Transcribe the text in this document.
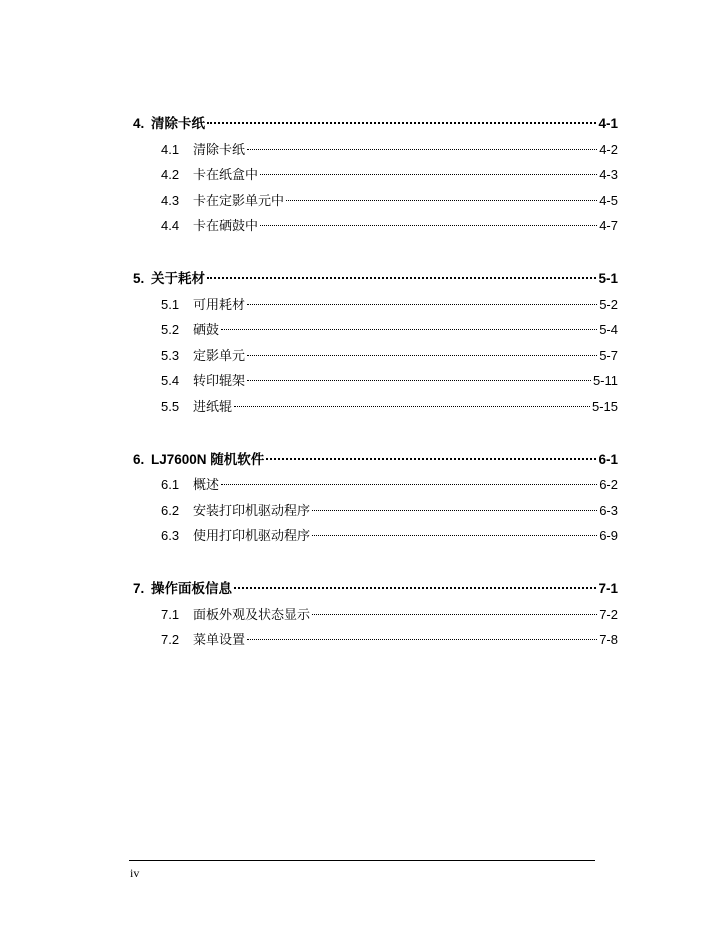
4. 清除卡纸	4-1
4.1	清除卡纸	4-2
4.2	卡在纸盒中	4-3
4.3	卡在定影单元中	4-5
4.4	卡在硒鼓中	4-7
5. 关于耗材	5-1
5.1	可用耗材	5-2
5.2	硒鼓	5-4
5.3	定影单元	5-7
5.4	转印辊架	5-11
5.5	进纸辊	5-15
6. LJ7600N 随机软件	6-1
6.1	概述	6-2
6.2	安装打印机驱动程序	6-3
6.3	使用打印机驱动程序	6-9
7. 操作面板信息	7-1
7.1	面板外观及状态显示	7-2
7.2	菜单设置	7-8
iv
